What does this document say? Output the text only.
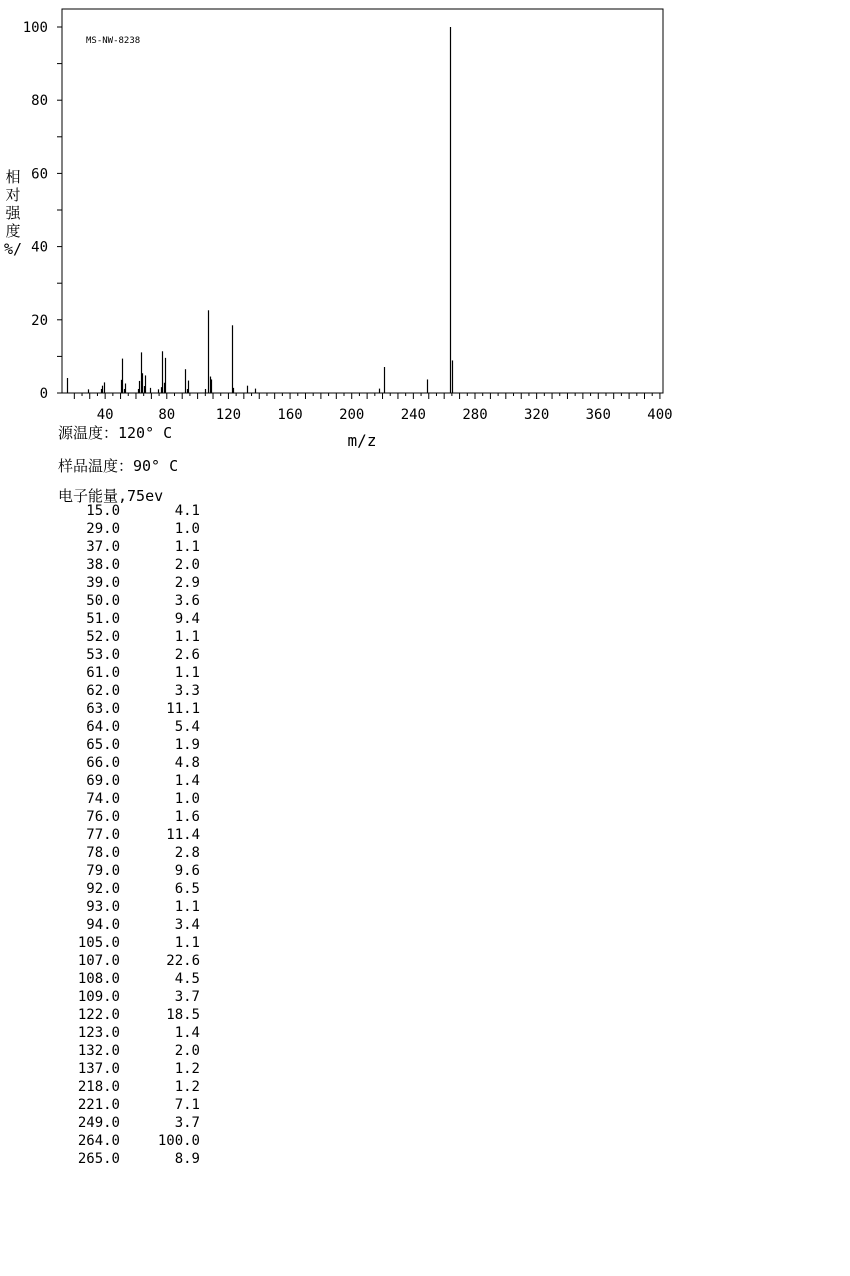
MS-NW-8238
0
20
40
60
80
100
40	80	120	160	200	240	280	320	360	400
m/z
相
对
强
度
%/
源温度：120° C
样品温度：90° C
电子能量,75ev
15.0	4.1
29.0	1.0
37.0	1.1
38.0	2.0
39.0	2.9
50.0	3.6
51.0	9.4
52.0	1.1
53.0	2.6
61.0	1.1
62.0	3.3
63.0	11.1
64.0	5.4
65.0	1.9
66.0	4.8
69.0	1.4
74.0	1.0
76.0	1.6
77.0	11.4
78.0	2.8
79.0	9.6
92.0	6.5
93.0	1.1
94.0	3.4
105.0	1.1
107.0	22.6
108.0	4.5
109.0	3.7
122.0	18.5
123.0	1.4
132.0	2.0
137.0	1.2
218.0	1.2
221.0	7.1
249.0	3.7
264.0	100.0
265.0	8.9
